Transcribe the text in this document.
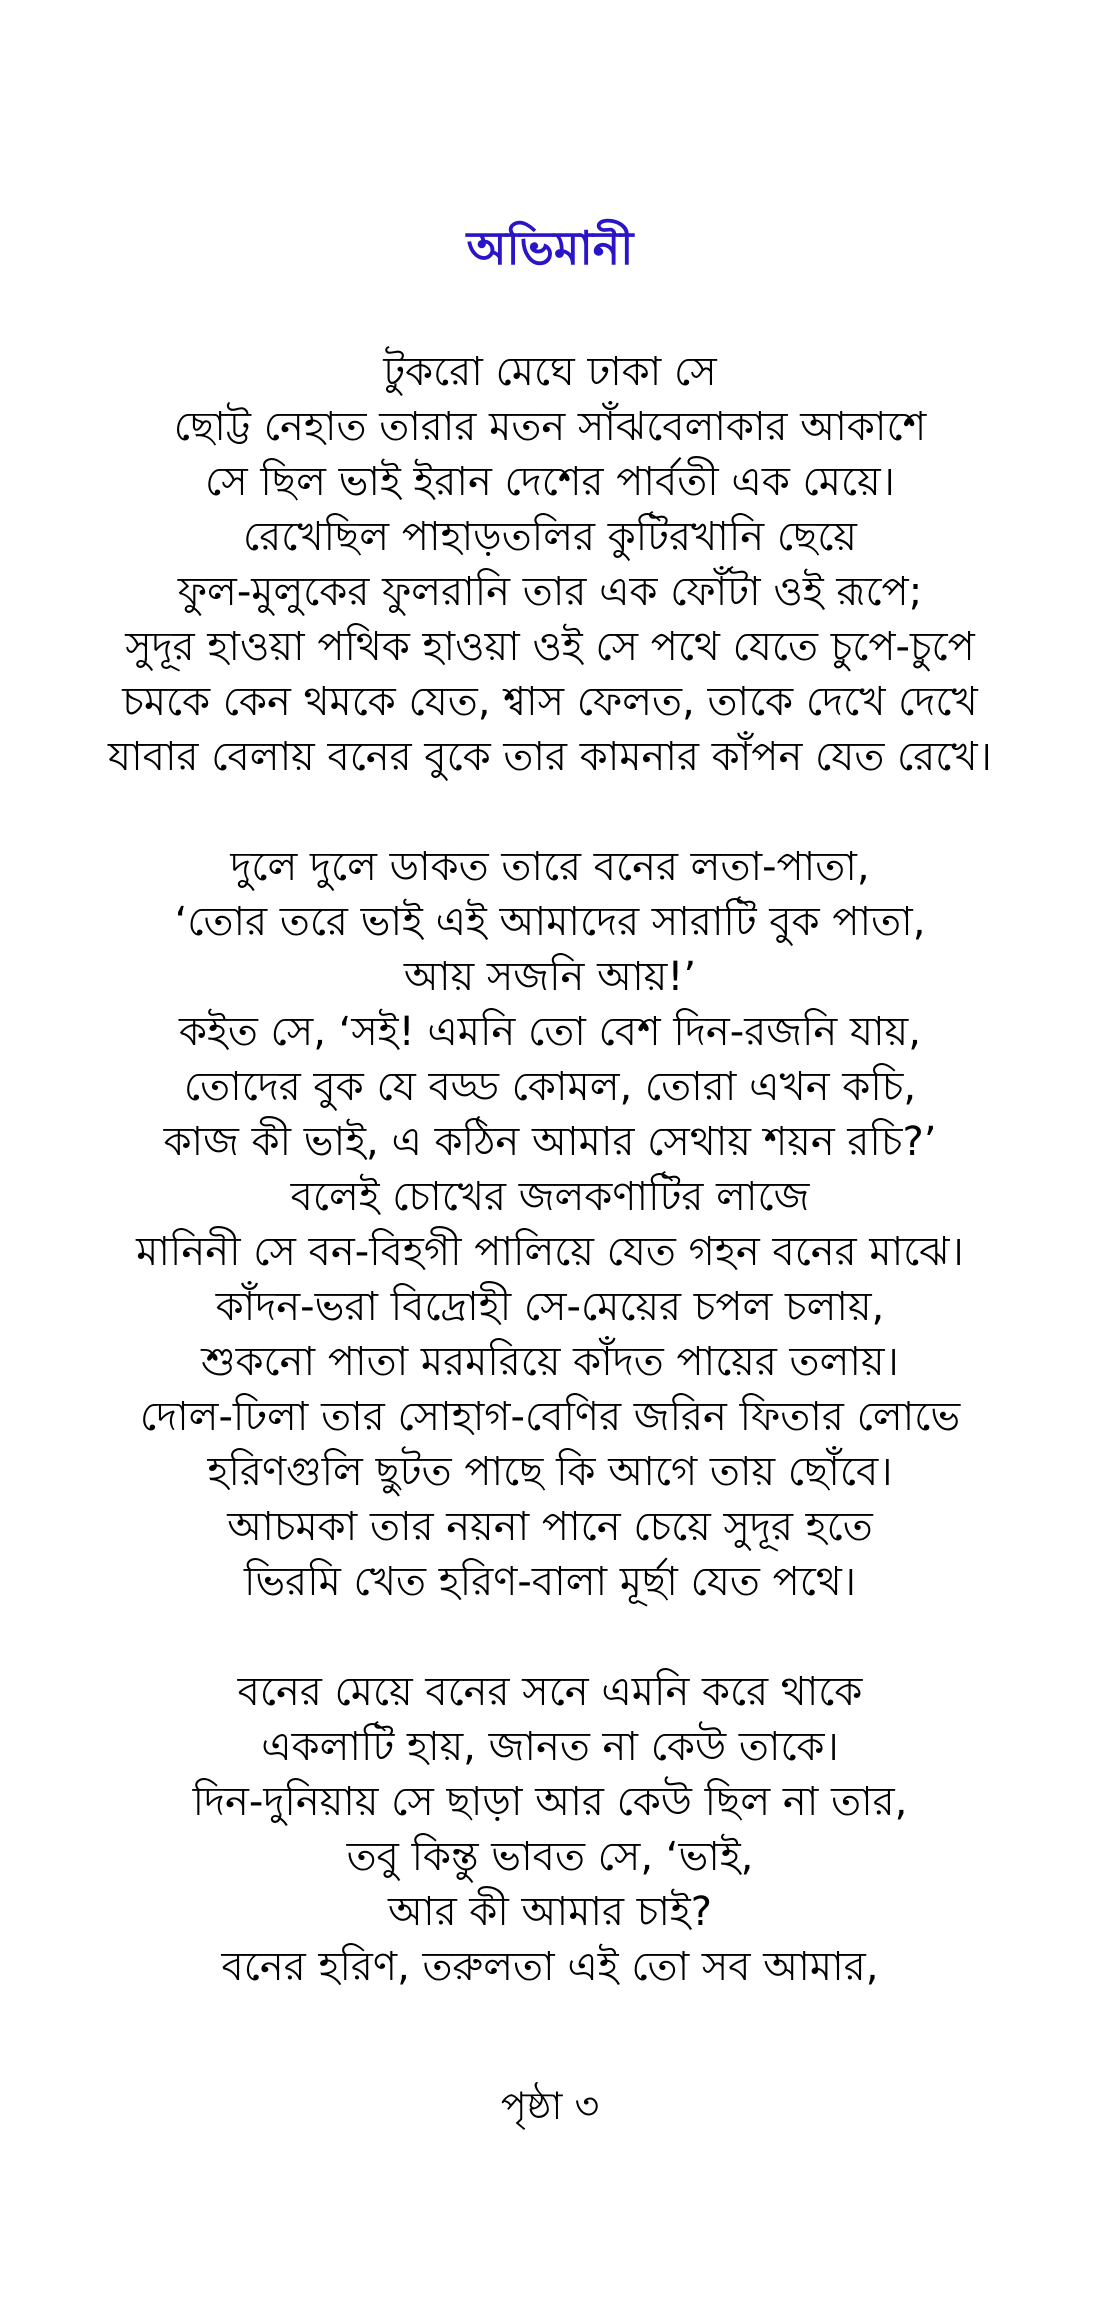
অভিমানী
টুকরো মেঘে ঢাকা সে
ছোট্ট নেহাত তারার মতন সাঁঝবেলাকার আকাশে
সে ছিল ভাই ইরান দেশের পার্বতী এক মেয়ে।
রেখেছিল পাহাড়তলির কুটিরখানি ছেয়ে
ফুল-মুলুকের ফুলরানি তার এক ফোঁটা ওই রূপে;
সুদূর হাওয়া পথিক হাওয়া ওই সে পথে যেতে চুপে-চুপে
চমকে কেন থমকে যেত, শ্বাস ফেলত, তাকে দেখে দেখে
যাবার বেলায় বনের বুকে তার কামনার কাঁপন যেত রেখে।
দুলে দুলে ডাকত তারে বনের লতা-পাতা,
‘তোর তরে ভাই এই আমাদের সারাটি বুক পাতা,
আয় সজনি আয়!’
কইত সে, ‘সই! এমনি তো বেশ দিন-রজনি যায়,
তোদের বুক যে বড্ড কোমল, তোরা এখন কচি,
কাজ কী ভাই, এ কঠিন আমার সেথায় শয়ন রচি?’
বলেই চোখের জলকণাটির লাজে
মানিনী সে বন-বিহগী পালিয়ে যেত গহন বনের মাঝে।
কাঁদন-ভরা বিদ্রোহী সে-মেয়ের চপল চলায়,
শুকনো পাতা মরমরিয়ে কাঁদত পায়ের তলায়।
দোল-ঢিলা তার সোহাগ-বেণির জরিন ফিতার লোভে
হরিণগুলি ছুটত পাছে কি আগে তায় ছোঁবে।
আচমকা তার নয়না পানে চেয়ে সুদূর হতে
ভিরমি খেত হরিণ-বালা মূর্ছা যেত পথে।
বনের মেয়ে বনের সনে এমনি করে থাকে
একলাটি হায়, জানত না কেউ তাকে।
দিন-দুনিয়ায় সে ছাড়া আর কেউ ছিল না তার,
তবু কিন্তু ভাবত সে, ‘ভাই,
আর কী আমার চাই?
বনের হরিণ, তরুলতা এই তো সব আমার,
পৃষ্ঠা ৩
